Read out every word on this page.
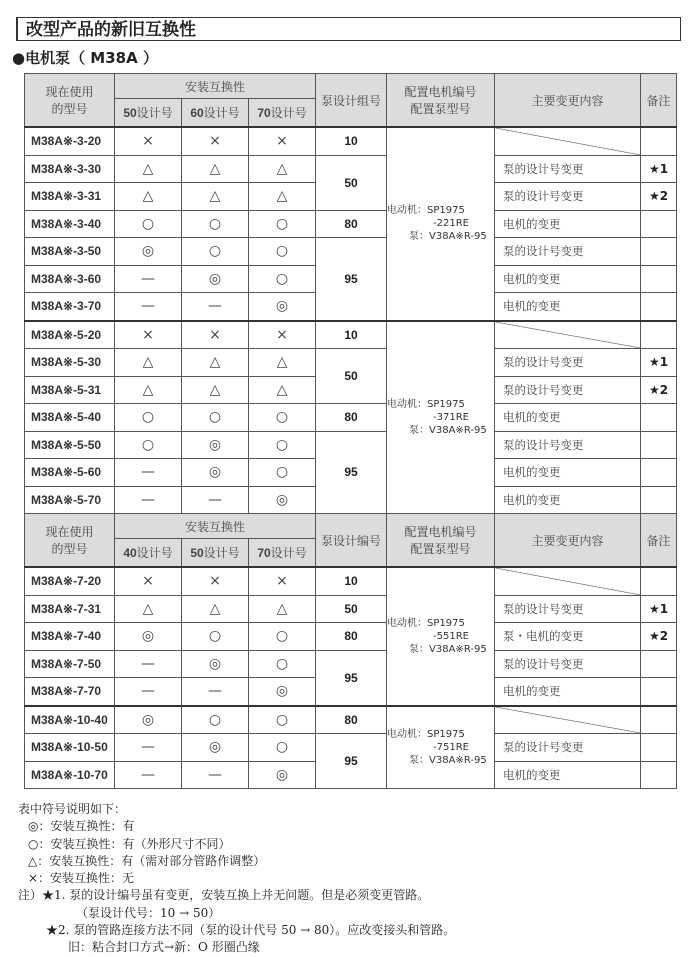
改型产品的新旧互换性
●电机泵（ M38A ）
现在使用
的型号	安装互换性			泵设计组号	配置电机编号
配置泵型号	主要变更内容	备注
	50设计号	60设计号	70设计号				
M38A※-3-20	×	×	×	10	电动机：SP1975
-221RE
泵：V38A※R-95		

M38A※-3-30	△	△	△	50		泵的设计号变更	★1
M38A※-3-31	△	△	△			泵的设计号变更	★2
M38A※-3-40	○	○	○	80		电机的变更	
M38A※-3-50	◎	○	○	95		泵的设计号变更	
M38A※-3-60	—	◎	○			电机的变更	
M38A※-3-70	—	—	◎			电机的变更	
M38A※-5-20	×	×	×	10	电动机：SP1975
-371RE
泵：V38A※R-95		

M38A※-5-30	△	△	△	50		泵的设计号变更	★1
M38A※-5-31	△	△	△			泵的设计号变更	★2
M38A※-5-40	○	○	○	80		电机的变更	
M38A※-5-50	○	◎	○	95		泵的设计号变更	
M38A※-5-60	—	◎	○			电机的变更	
M38A※-5-70	—	—	◎			电机的变更	
现在使用
的型号	安装互换性			泵设计编号	配置电机编号
配置泵型号	主要变更内容	备注
	40设计号	50设计号	70设计号				
M38A※-7-20	×	×	×	10	电动机：SP1975
-551RE
泵：V38A※R-95		

M38A※-7-31	△	△	△	50		泵的设计号变更	★1
M38A※-7-40	◎	○	○	80		泵・电机的变更	★2
M38A※-7-50	—	◎	○	95		泵的设计号变更	
M38A※-7-70	—	—	◎			电机的变更	
M38A※-10-40	◎	○	○	80	电动机：SP1975
-751RE
泵：V38A※R-95		

M38A※-10-50	—	◎	○	95		泵的设计号变更	
M38A※-10-70	—	—	◎			电机的变更	
表中符号说明如下：
◎：安装互换性：有
○：安装互换性：有（外形尺寸不同）
△：安装互换性：有（需对部分管路作调整）
×：安装互换性：无
注）★1. 泵的设计编号虽有变更，安装互换上并无问题。但是必须变更管路。
（泵设计代号：10 → 50）
★2. 泵的管路连接方法不同（泵的设计代号 50 → 80）。应改变接头和管路。
旧：粘合封口方式→新：O 形圈凸缘
